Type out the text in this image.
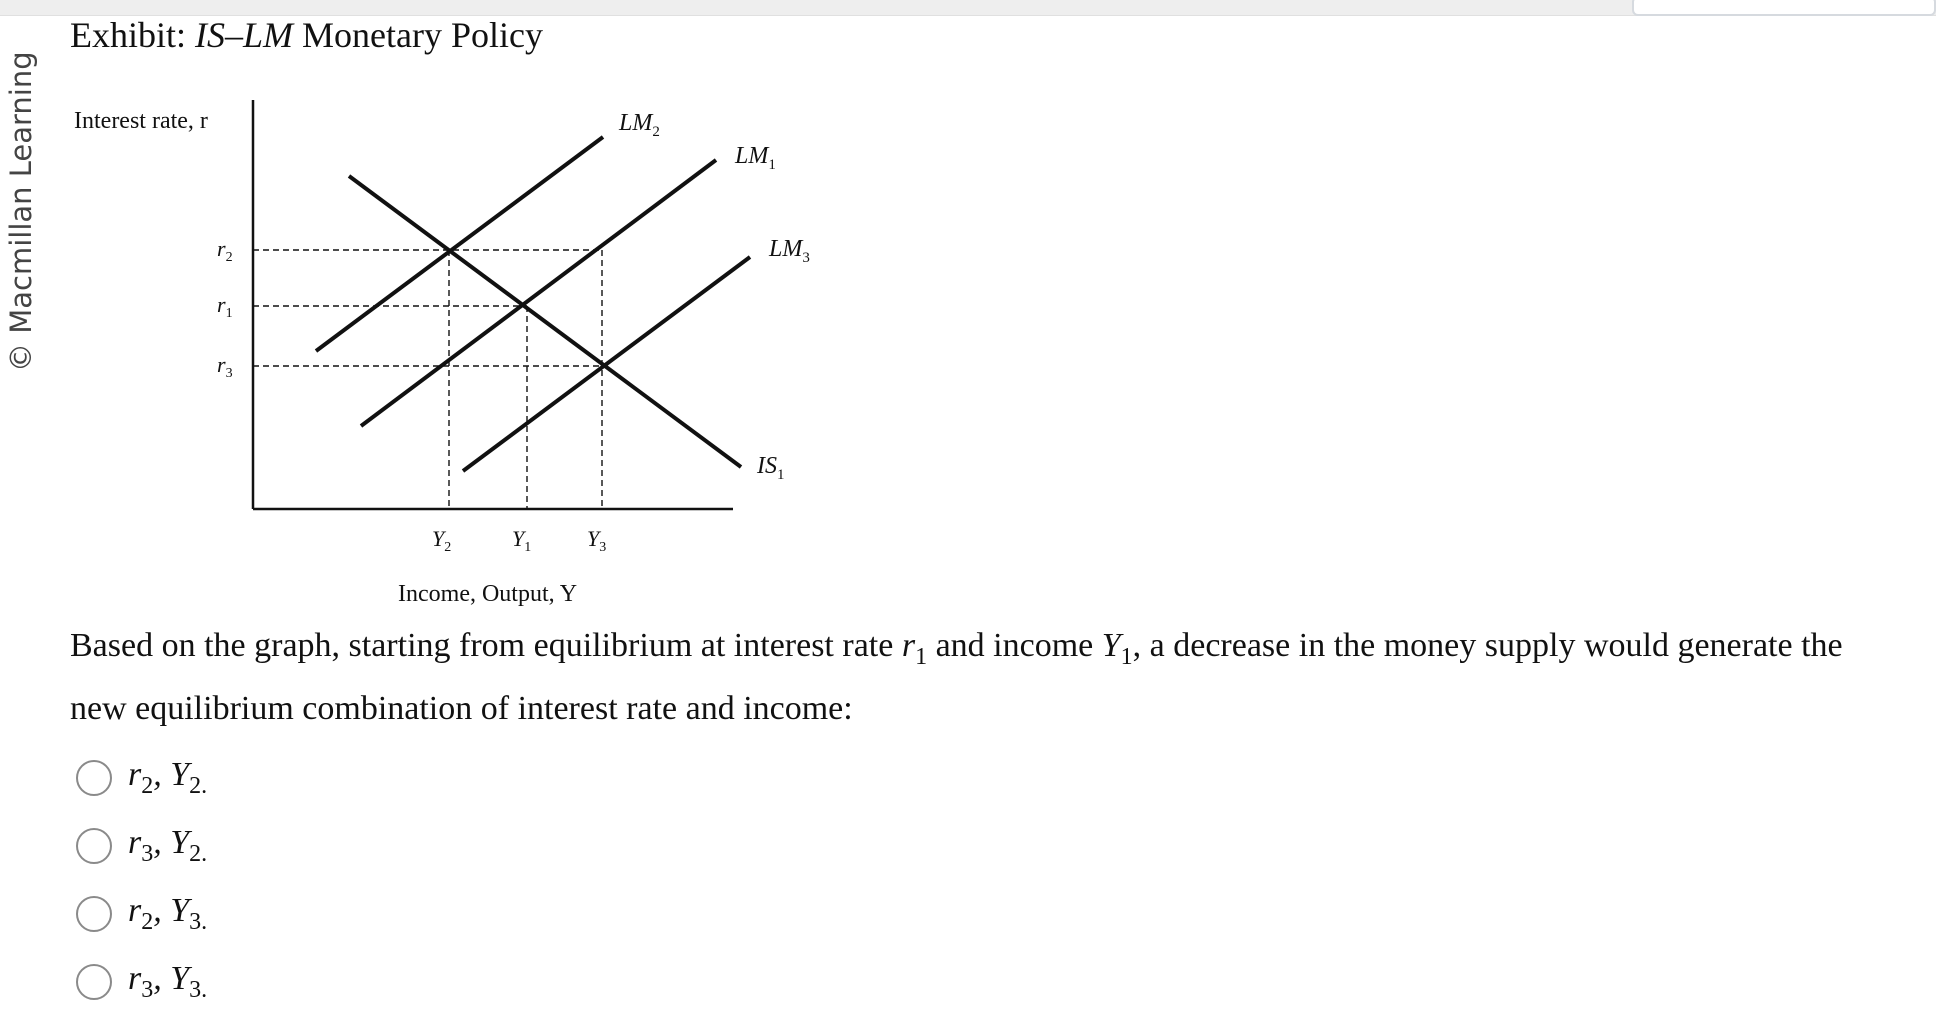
© Macmillan Learning
Exhibit: IS–LM Monetary Policy
$LM_2$
$LM_1$
$LM_3$
$IS_1$
$r_2$
$r_1$
$r_3$
$Y_2$	$Y_1$	$Y_3$
Interest rate, r
Income, Output, Y
Based on the graph, starting from equilibrium at interest rate $r_1$ and income $Y_1$, a decrease in the money supply would generate the new equilibrium combination of interest rate and income:
$r_2$, $Y_{2.}$
$r_3$, $Y_{2.}$
$r_2$, $Y_{3.}$
$r_3$, $Y_{3.}$
